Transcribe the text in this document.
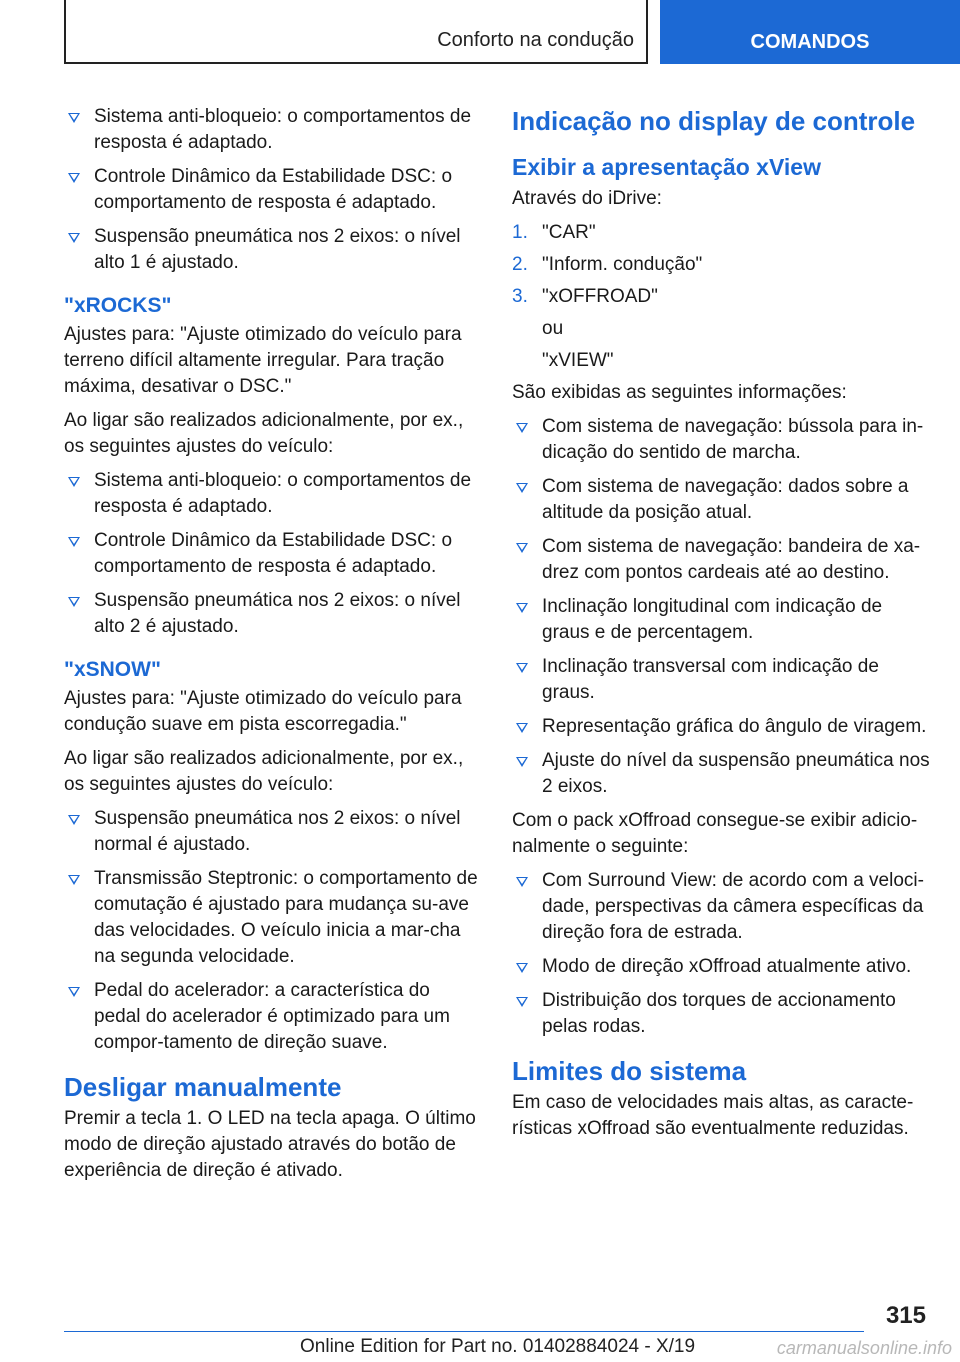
Conforto na condução	COMANDOS
Sistema anti-bloqueio: o comportamentos de resposta é adaptado.
Controle Dinâmico da Estabilidade DSC: o comportamento de resposta é adaptado.
Suspensão pneumática nos 2 eixos: o nível alto 1 é ajustado.
"xROCKS"

Ajustes para: "Ajuste otimizado do veículo para terreno difícil altamente irregular. Para tração máxima, desativar o DSC."

Ao ligar são realizados adicionalmente, por ex., os seguintes ajustes do veículo:

Sistema anti-bloqueio: o comportamentos de resposta é adaptado.
Controle Dinâmico da Estabilidade DSC: o comportamento de resposta é adaptado.
Suspensão pneumática nos 2 eixos: o nível alto 2 é ajustado.
"xSNOW"

Ajustes para: "Ajuste otimizado do veículo para condução suave em pista escorregadia."

Ao ligar são realizados adicionalmente, por ex., os seguintes ajustes do veículo:

Suspensão pneumática nos 2 eixos: o nível normal é ajustado.
Transmissão Steptronic: o comportamento de comutação é ajustado para mudança su-ave das velocidades. O veículo inicia a mar-cha na segunda velocidade.
Pedal do acelerador: a característica do pedal do acelerador é optimizado para um compor-tamento de direção suave.
Desligar manualmente

Premir a tecla 1. O LED na tecla apaga. O último modo de direção ajustado através do botão de experiência de direção é ativado.

Indicação no display de controle
Exibir a apresentação xView

Através do iDrive:

1. "CAR"
2. "Inform. condução"
3. "xOFFROAD"

ou

"xVIEW"

São exibidas as seguintes informações:

Com sistema de navegação: bússola para in-dicação do sentido de marcha.
Com sistema de navegação: dados sobre a altitude da posição atual.
Com sistema de navegação: bandeira de xa-drez com pontos cardeais até ao destino.
Inclinação longitudinal com indicação de graus e de percentagem.
Inclinação transversal com indicação de graus.
Representação gráfica do ângulo de viragem.
Ajuste do nível da suspensão pneumática nos 2 eixos.

Com o pack xOffroad consegue-se exibir adicio-nalmente o seguinte:

Com Surround View: de acordo com a veloci-dade, perspectivas da câmera específicas da direção fora de estrada.
Modo de direção xOffroad atualmente ativo.
Distribuição dos torques de accionamento pelas rodas.
Limites do sistema

Em caso de velocidades mais altas, as caracte-rísticas xOffroad são eventualmente reduzidas.

315
Online Edition for Part no. 01402884024 - X/19	carmanualsonline.info
